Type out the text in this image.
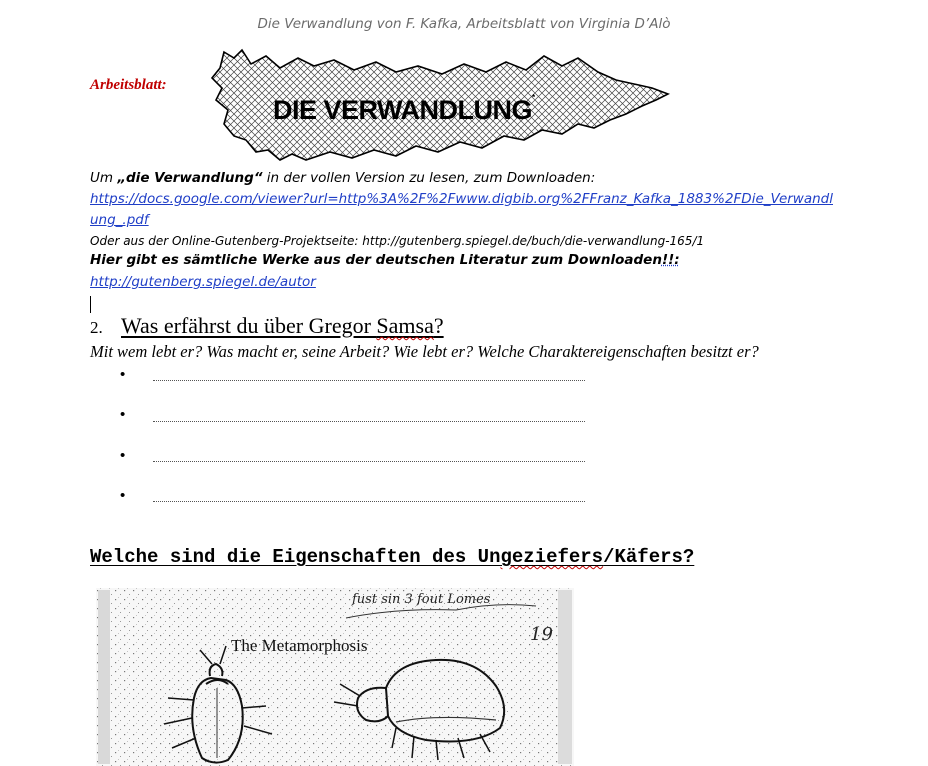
Die Verwandlung von F. Kafka, Arbeitsblatt von Virginia D’Alò
Arbeitsblatt:
DIE VERWANDLUNG*
Um „die Verwandlung“ in der vollen Version zu lesen, zum Downloaden:
https://docs.google.com/viewer?url=http%3A%2F%2Fwww.digbib.org%2FFranz_Kafka_1883%2FDie_Verwandl
ung_.pdf
Oder aus der Online-Gutenberg-Projektseite: http://gutenberg.spiegel.de/buch/die-verwandlung-165/1
Hier gibt es sämtliche Werke aus der deutschen Literatur zum Downloaden!!:
http://gutenberg.spiegel.de/autor
2. Was erfährst du über Gregor Samsa?
Mit wem lebt er? Was macht er, seine Arbeit? Wie lebt er? Welche Charaktereigenschaften besitzt er?
•
•
•
•
Welche sind die Eigenschaften des Ungeziefers/Käfers?
fust sin 3 fout Lomes
19
The Metamorphosis
